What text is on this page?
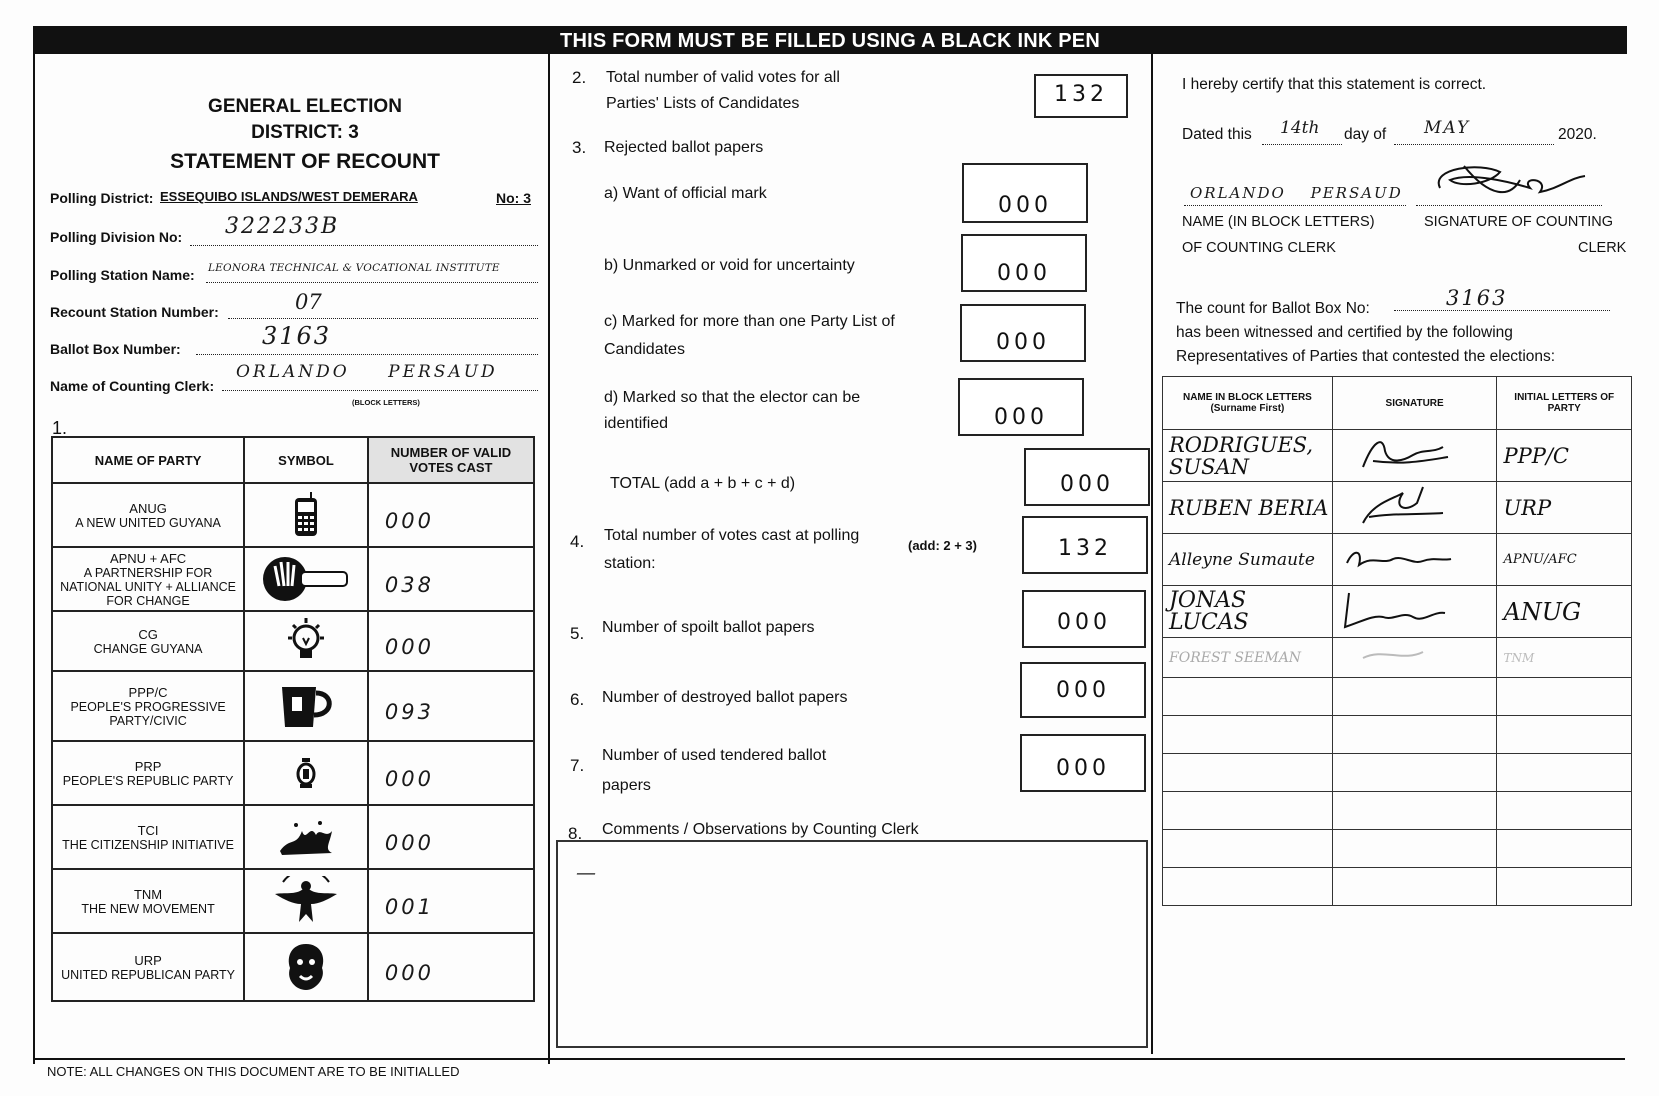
THIS FORM MUST BE FILLED USING A BLACK INK PEN
GENERAL ELECTION
DISTRICT: 3
STATEMENT OF RECOUNT
Polling District: ESSEQUIBO ISLANDS/WEST DEMERARA	No: 3
Polling Division No: 322233B
Polling Station Name: LEONORA TECHNICAL & VOCATIONAL INSTITUTE
Recount Station Number:	07
Ballot Box Number:	3163
Name of Counting Clerk:
ORLANDO PERSAUD
(BLOCK LETTERS)
1.
NAME OF PARTY	SYMBOL	NUMBER OF VALID VOTES CAST

ANUG
A NEW UNITED GUYANA		000

APNU + AFC
A PARTNERSHIP FOR NATIONAL UNITY + ALLIANCE FOR CHANGE		038

CG
CHANGE GUYANA		000

PPP/C
PEOPLE'S PROGRESSIVE PARTY/CIVIC		093

PRP
PEOPLE'S REPUBLIC PARTY		000

TCI
THE CITIZENSHIP INITIATIVE		000

TNM
THE NEW MOVEMENT		001

URP
UNITED REPUBLICAN PARTY		000
NOTE: ALL CHANGES ON THIS DOCUMENT ARE TO BE INITIALLED
2.	Total number of valid votes for all
Parties' Lists of Candidates	132
3.	Rejected ballot papers
a) Want of official mark	000
b) Unmarked or void for uncertainty	000
c) Marked for more than one Party List of
Candidates	000
d) Marked so that the elector can be
identified	000
TOTAL (add a + b + c + d)	000
4.	Total number of votes cast at polling
station:
(add: 2 + 3)	132
5.	Number of spoilt ballot papers	000
6.	Number of destroyed ballot papers	000
7.
Number of used tendered ballot
papers
000
8.	Comments / Observations by Counting Clerk
—
I hereby certify that this statement is correct.
Dated this 14th day of MAY	2020.
ORLANDO PERSAUD
NAME (IN BLOCK LETTERS)
OF COUNTING CLERK
SIGNATURE OF COUNTING
CLERK
The count for Ballot Box No:	3163
has been witnessed and certified by the following
Representatives of Parties that contested the elections:
NAME IN BLOCK LETTERS (Surname First)	SIGNATURE	INITIAL LETTERS OF PARTY
RODRIGUES, SUSAN		PPP/C
RUBEN BERIA		URP
Alleyne Sumaute		APNU/AFC
JONAS LUCAS		ANUG
FOREST SEEMAN		TNM
